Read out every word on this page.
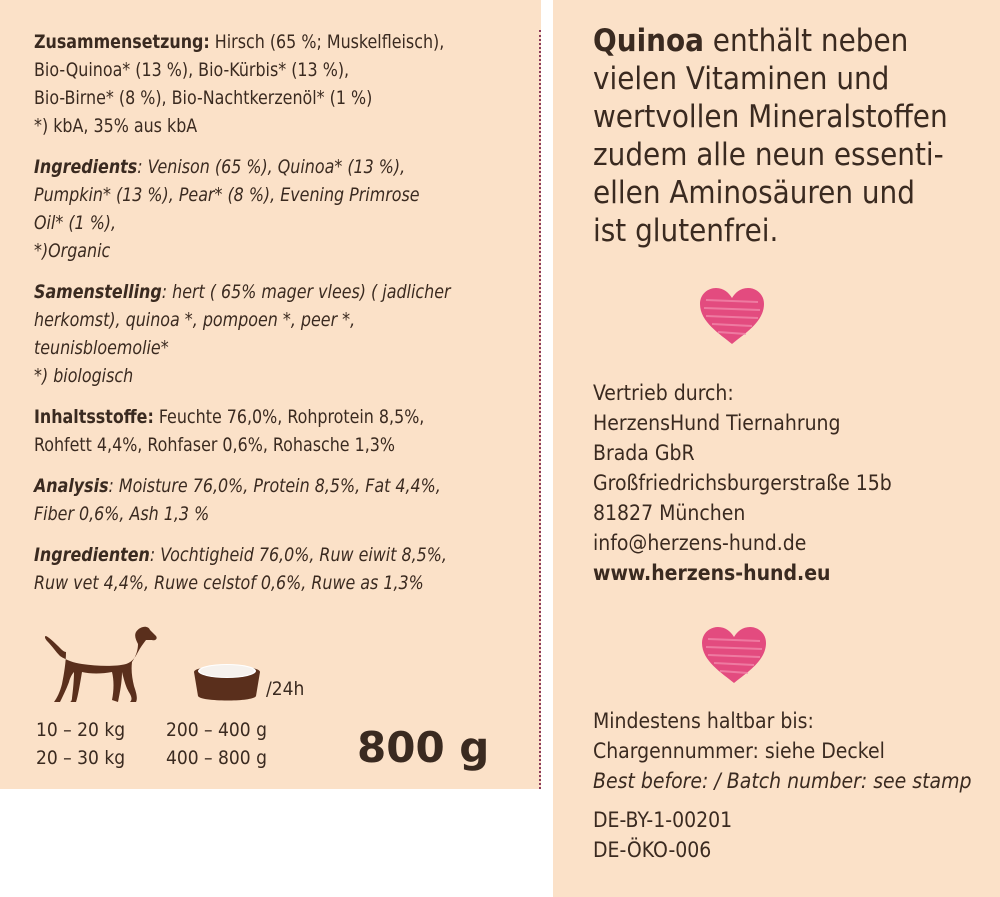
Zusammensetzung: Hirsch (65 %; Muskelfleisch),

Bio-Quinoa* (13 %), Bio-Kürbis* (13 %),

Bio-Birne* (8 %), Bio-Nachtkerzenöl* (1 %)

*) kbA, 35% aus kbA

Ingredients: Venison (65 %), Quinoa* (13 %),

Pumpkin* (13 %), Pear* (8 %), Evening Primrose

Oil* (1 %),

*)Organic

Samenstelling: hert ( 65% mager vlees) ( jadlicher

herkomst), quinoa *, pompoen *, peer *,

teunisbloemolie*

*) biologisch

Inhaltsstoffe: Feuchte 76,0%, Rohprotein 8,5%,

Rohfett 4,4%, Rohfaser 0,6%, Rohasche 1,3%

Analysis: Moisture 76,0%, Protein 8,5%, Fat 4,4%,

Fiber 0,6%, Ash 1,3 %

Ingredienten: Vochtigheid 76,0%, Ruw eiwit 8,5%,

Ruw vet 4,4%, Ruwe celstof 0,6%, Ruwe as 1,3%

/24h
10 – 20 kg	200 – 400 g
20 – 30 kg	400 – 800 g 800 g
Quinoa enthält neben
vielen Vitaminen und
wertvollen Mineralstoffen
zudem alle neun essenti-
ellen Aminosäuren und
ist glutenfrei.

Vertrieb durch:

HerzensHund Tiernahrung

Brada GbR

Großfriedrichsburgerstraße 15b

81827 München

info@herzens-hund.de

www.herzens-hund.eu

Mindestens haltbar bis:

Chargennummer: siehe Deckel

Best before: / Batch number: see stamp

DE-BY-1-00201

DE-ÖKO-006
